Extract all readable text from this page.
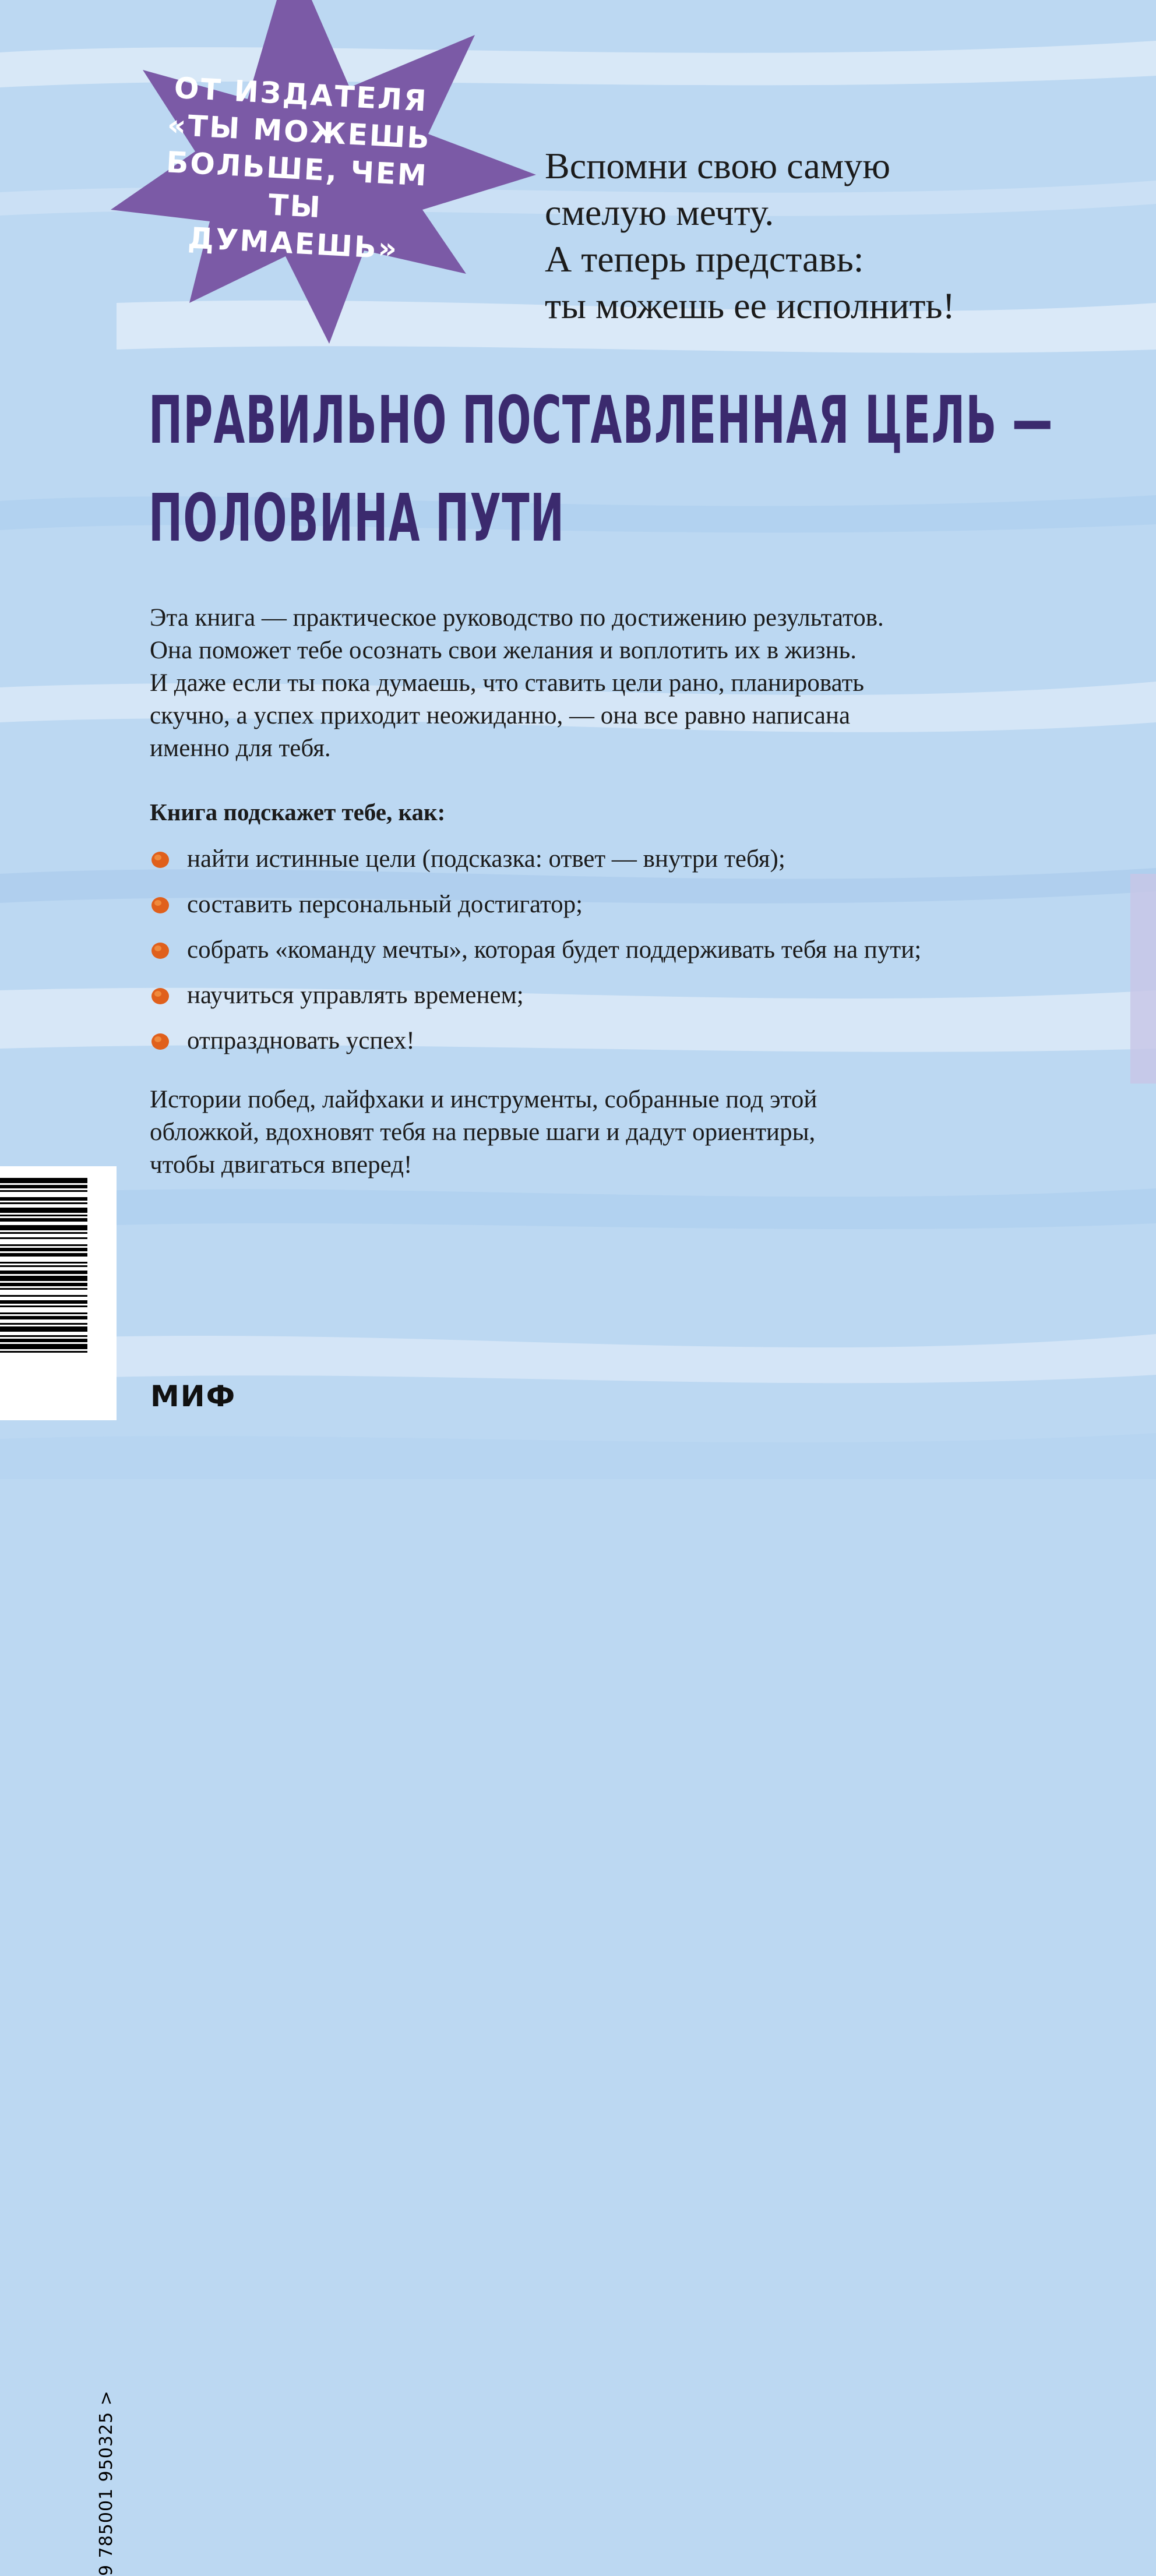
ОТ ИЗДАТЕЛЯ
«ТЫ МОЖЕШЬ
БОЛЬШЕ, ЧЕМ ТЫ
ДУМАЕШЬ»
Вспомни свою самую
смелую мечту.
А теперь представь:
ты можешь ее исполнить!
ПРАВИЛЬНО ПОСТАВЛЕННАЯ ЦЕЛЬ —
ПОЛОВИНА ПУТИ
Эта книга — практическое руководство по достижению результатов.
Она поможет тебе осознать свои желания и воплотить их в жизнь.
И даже если ты пока думаешь, что ставить цели рано, планировать
скучно, а успех приходит неожиданно, — она все равно написана
именно для тебя.
Книга подскажет тебе, как:
найти истинные цели (подсказка: ответ — внутри тебя);
составить персональный достигатор;
собрать «команду мечты», которая будет поддерживать тебя на пути;
научиться управлять временем;
отпраздновать успех!
Истории побед, лайфхаки и инструменты, собранные под этой
обложкой, вдохновят тебя на первые шаги и дадут ориентиры,
чтобы двигаться вперед!
9 785001 950325 >
МИФ
